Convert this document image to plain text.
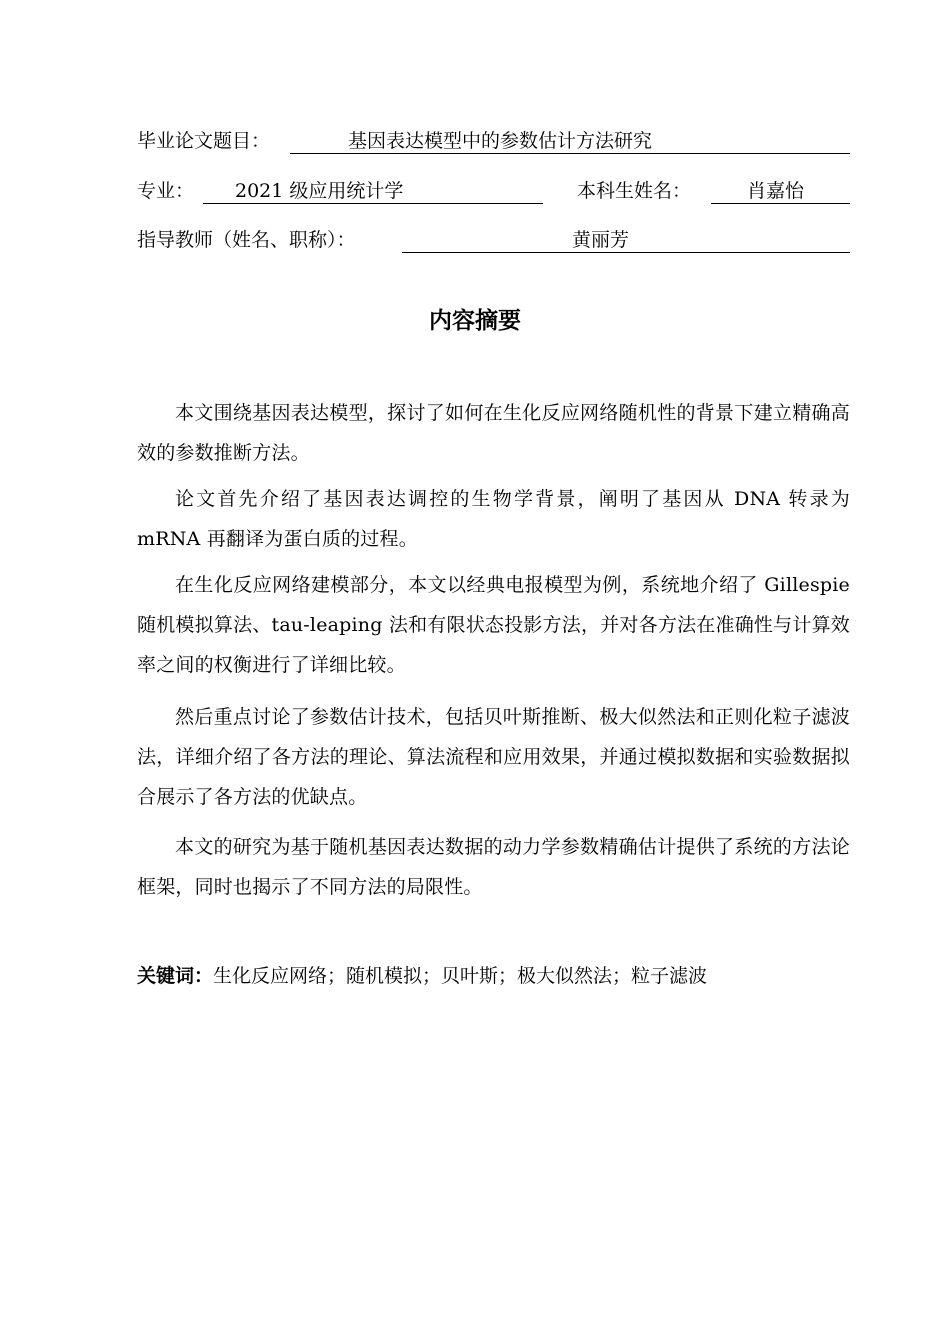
毕业论文题目：	基因表达模型中的参数估计方法研究
专业： 2021 级应用统计学	本科生姓名：	肖嘉怡
指导教师（姓名、职称）：	黄丽芳
内容摘要
本文围绕基因表达模型，探讨了如何在生化反应网络随机性的背景下建立精确高效的参数推断方法。
论文首先介绍了基因表达调控的生物学背景，阐明了基因从 DNA 转录为 mRNA 再翻译为蛋白质的过程。
在生化反应网络建模部分，本文以经典电报模型为例，系统地介绍了 Gillespie 随机模拟算法、tau-leaping 法和有限状态投影方法，并对各方法在准确性与计算效率之间的权衡进行了详细比较。
然后重点讨论了参数估计技术，包括贝叶斯推断、极大似然法和正则化粒子滤波法，详细介绍了各方法的理论、算法流程和应用效果，并通过模拟数据和实验数据拟合展示了各方法的优缺点。
本文的研究为基于随机基因表达数据的动力学参数精确估计提供了系统的方法论框架，同时也揭示了不同方法的局限性。
关键词：生化反应网络；随机模拟；贝叶斯；极大似然法；粒子滤波
